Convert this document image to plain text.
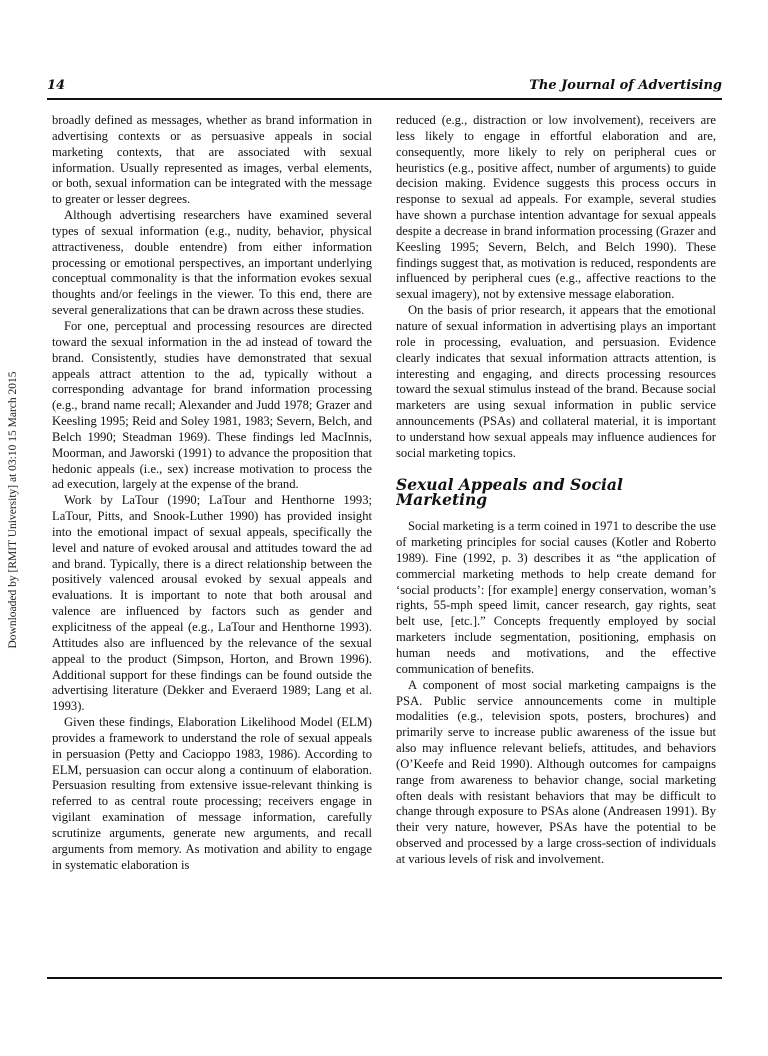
14	The Journal of Advertising
Downloaded by [RMIT University] at 03:10 15 March 2015

broadly defined as messages, whether as brand information in advertising contexts or as persuasive appeals in social marketing contexts, that are associated with sexual information. Usually represented as images, verbal elements, or both, sexual information can be integrated with the message to greater or lesser degrees.

Although advertising researchers have examined several types of sexual information (e.g., nudity, behavior, physical attractiveness, double entendre) from either information processing or emotional perspectives, an important underlying conceptual commonality is that the information evokes sexual thoughts and/or feelings in the viewer. To this end, there are several generalizations that can be drawn across these studies.

For one, perceptual and processing resources are directed toward the sexual information in the ad instead of toward the brand. Consistently, studies have demonstrated that sexual appeals attract attention to the ad, typically without a corresponding advantage for brand information processing (e.g., brand name recall; Alexander and Judd 1978; Grazer and Keesling 1995; Reid and Soley 1981, 1983; Severn, Belch, and Belch 1990; Steadman 1969). These findings led MacInnis, Moorman, and Jaworski (1991) to advance the proposition that hedonic appeals (i.e., sex) increase motivation to process the ad execution, largely at the expense of the brand.

Work by LaTour (1990; LaTour and Henthorne 1993; LaTour, Pitts, and Snook-Luther 1990) has provided insight into the emotional impact of sexual appeals, specifically the level and nature of evoked arousal and attitudes toward the ad and brand. Typically, there is a direct relationship between the positively valenced arousal evoked by sexual appeals and evaluations. It is important to note that both arousal and valence are influenced by factors such as gender and explicitness of the appeal (e.g., LaTour and Henthorne 1993). Attitudes also are influenced by the relevance of the sexual appeal to the product (Simpson, Horton, and Brown 1996). Additional support for these findings can be found outside the advertising literature (Dekker and Everaerd 1989; Lang et al. 1993).

Given these findings, Elaboration Likelihood Model (ELM) provides a framework to understand the role of sexual appeals in persuasion (Petty and Cacioppo 1983, 1986). According to ELM, persuasion can occur along a continuum of elaboration. Persuasion resulting from extensive issue-relevant thinking is referred to as central route processing; receivers engage in vigilant examination of message information, carefully scrutinize arguments, generate new arguments, and recall arguments from memory. As motivation and ability to engage in systematic elaboration is

reduced (e.g., distraction or low involvement), receivers are less likely to engage in effortful elaboration and are, consequently, more likely to rely on peripheral cues or heuristics (e.g., positive affect, number of arguments) to guide decision making. Evidence suggests this process occurs in response to sexual ad appeals. For example, several studies have shown a purchase intention advantage for sexual appeals despite a decrease in brand information processing (Grazer and Keesling 1995; Severn, Belch, and Belch 1990). These findings suggest that, as motivation is reduced, respondents are influenced by peripheral cues (e.g., affective reactions to the sexual imagery), not by extensive message elaboration.

On the basis of prior research, it appears that the emotional nature of sexual information in advertising plays an important role in processing, evaluation, and persuasion. Evidence clearly indicates that sexual information attracts attention, is interesting and engaging, and directs processing resources toward the sexual stimulus instead of the brand. Because social marketers are using sexual information in public service announcements (PSAs) and collateral material, it is important to understand how sexual appeals may influence audiences for social marketing topics.

Sexual Appeals and Social Marketing

Social marketing is a term coined in 1971 to describe the use of marketing principles for social causes (Kotler and Roberto 1989). Fine (1992, p. 3) describes it as “the application of commercial marketing methods to help create demand for ‘social products’: [for example] energy conservation, woman’s rights, 55-mph speed limit, cancer research, gay rights, seat belt use, [etc.].” Concepts frequently employed by social marketers include segmentation, positioning, emphasis on human needs and motivations, and the effective communication of benefits.

A component of most social marketing campaigns is the PSA. Public service announcements come in multiple modalities (e.g., television spots, posters, brochures) and primarily serve to increase public awareness of the issue but also may influence relevant beliefs, attitudes, and behaviors (O’Keefe and Reid 1990). Although outcomes for campaigns range from awareness to behavior change, social marketing often deals with resistant behaviors that may be difficult to change through exposure to PSAs alone (Andreasen 1991). By their very nature, however, PSAs have the potential to be observed and processed by a large cross-section of individuals at various levels of risk and involvement.
